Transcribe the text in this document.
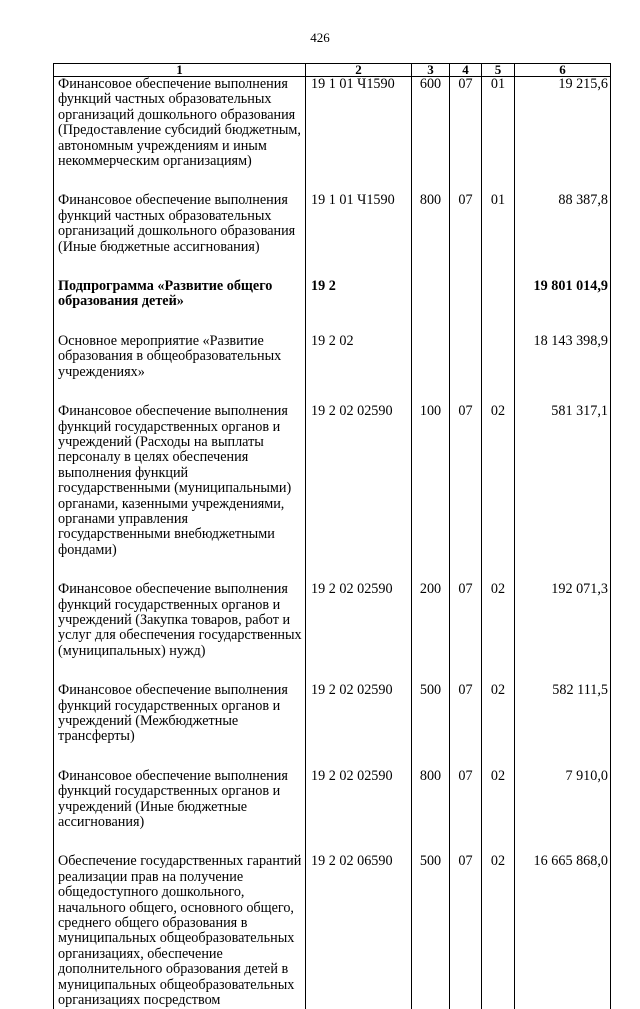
426
1	2	3	4	5	6
Финансовое обеспечение выполнения функций частных образовательных организаций дошкольного образования (Предоставление субсидий бюджетным, автономным учреждениям и иным некоммерческим организациям)	19 1 01 Ч1590	600	07	01	19 215,6
Финансовое обеспечение выполнения функций частных образовательных организаций дошкольного образования (Иные бюджетные ассигнования)	19 1 01 Ч1590	800	07	01	88 387,8
Подпрограмма «Развитие общего образования детей»	19 2				19 801 014,9
Основное мероприятие «Развитие образования в общеобразовательных учреждениях»	19 2 02				18 143 398,9
Финансовое обеспечение выполнения функций государственных органов и учреждений (Расходы на выплаты персоналу в целях обеспечения выполнения функций государственными (муниципальными) органами, казенными учреждениями, органами управления государственными внебюджетными фондами)	19 2 02 02590	100	07	02	581 317,1
Финансовое обеспечение выполнения функций государственных органов и учреждений (Закупка товаров, работ и услуг для обеспечения государственных (муниципальных) нужд)	19 2 02 02590	200	07	02	192 071,3
Финансовое обеспечение выполнения функций государственных органов и учреждений (Межбюджетные трансферты)	19 2 02 02590	500	07	02	582 111,5
Финансовое обеспечение выполнения функций государственных органов и учреждений (Иные бюджетные ассигнования)	19 2 02 02590	800	07	02	7 910,0
Обеспечение государственных гарантий реализации прав на получение общедоступного дошкольного, начального общего, основного общего, среднего общего образования в муниципальных общеобразовательных организациях, обеспечение дополнительного образования детей в муниципальных общеобразовательных организациях посредством	19 2 02 06590	500	07	02	16 665 868,0
